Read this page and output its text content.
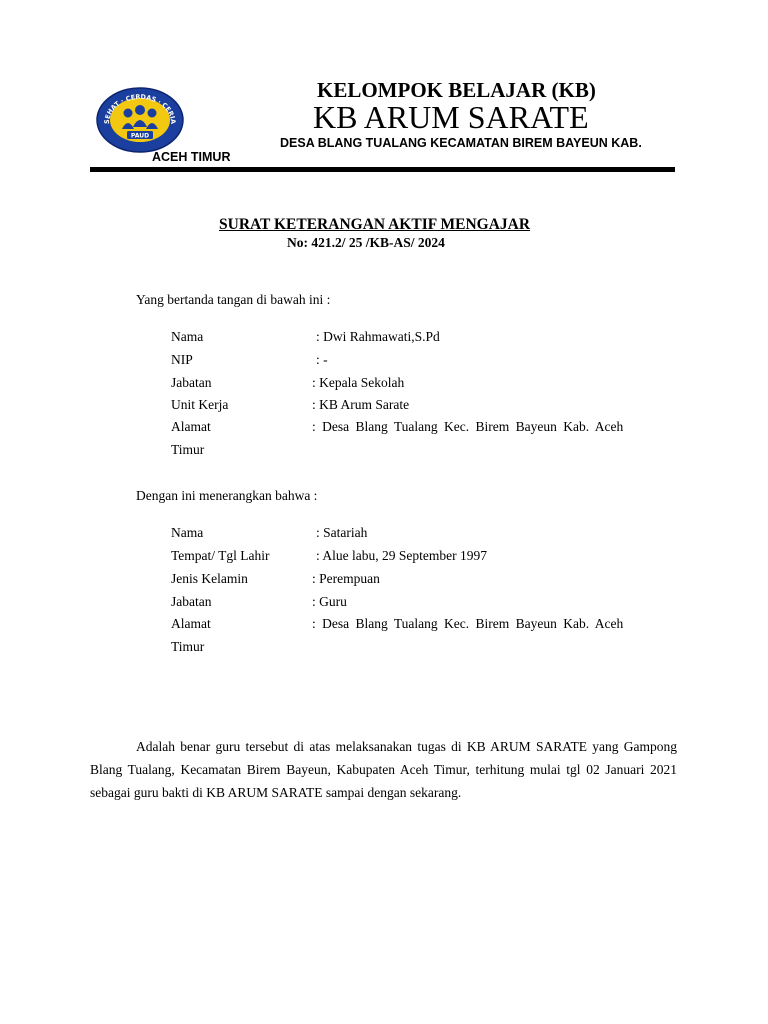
SEHAT · CERDAS · CERIA
PAUD
KELOMPOK BELAJAR (KB)
KB ARUM SARATE
DESA BLANG TUALANG KECAMATAN BIREM BAYEUN KAB.
ACEH TIMUR
SURAT KETERANGAN AKTIF MENGAJAR
No: 421.2/ 25 /KB-AS/ 2024
Yang bertanda tangan di bawah ini :
Nama	: Dwi Rahmawati,S.Pd
NIP	: -
Jabatan	: Kepala Sekolah
Unit Kerja	: KB Arum Sarate
Alamat	: Desa Blang Tualang Kec. Birem Bayeun Kab. Aceh
Timur
Dengan ini menerangkan bahwa :
Nama	: Satariah
Tempat/ Tgl Lahir	: Alue labu, 29 September 1997
Jenis Kelamin	: Perempuan
Jabatan	: Guru
Alamat	: Desa Blang Tualang Kec. Birem Bayeun Kab. Aceh
Timur
Adalah benar guru tersebut di atas melaksanakan tugas di KB ARUM SARATE yang Gampong Blang Tualang, Kecamatan Birem Bayeun, Kabupaten Aceh Timur, terhitung mulai tgl 02 Januari 2021 sebagai guru bakti di KB ARUM SARATE sampai dengan sekarang.
